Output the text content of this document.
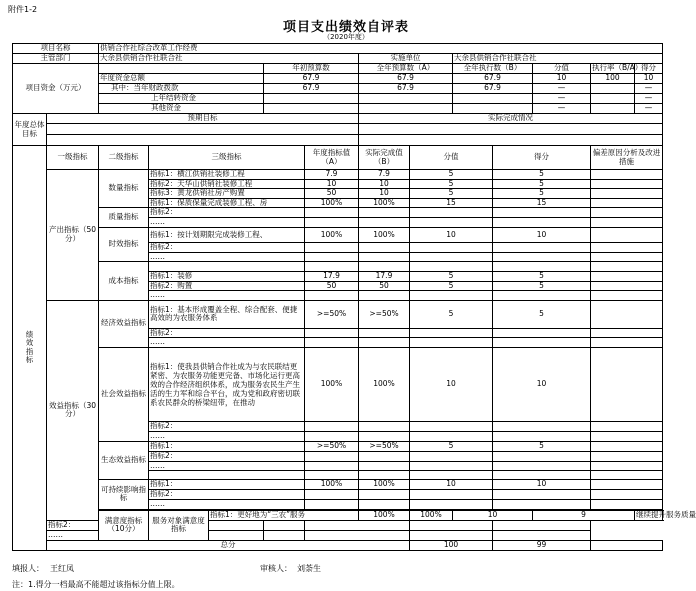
附件1-2
项目支出绩效自评表
（2020年度）
项目名称		供销合作社综合改革工作经费											
主管部门		大余县供销合作社联合社					实施单位		大余县供销合作社联合社				
项目资金（万元）					年初预算数		全年预算数（A）		全年执行数（B）		分值	执行率（B/A）	得分
		年度资金总额			67.9		67.9		67.9		10	100	10
		其中：当年财政拨款			67.9		67.9		67.9		—		—
		上年结转资金									—		—
		其他资金									—		—
年度总体目标	预期目标						实际完成情况						

绩效指标	一级指标	二级指标	三级指标			年度指标值（A）	实际完成值（B）	分值		得分		偏差原因分析及改进措施	
	产出指标（50分）	数量指标	指标1：横江供销社装修工程			7.9	7.9	5		5			
			指标2：天华山供销社装修工程			10	10	5		5			
			指标3：黄龙供销社房产购置			50	10	5		5			
			指标1：保质保量完成装修工程、房			100%	100%	15		15			
		质量指标	指标2：										
			……										
		时效指标	指标1：按计划期限完成装修工程、			100%	100%	10		10			
			指标2：										
			……										
		成本指标											
			指标1：装修			17.9	17.9	5		5			
			指标2：购置			50	50	5		5			
			……										
	效益指标（30分）	经济效益指标	指标1：基本形成覆盖全程、综合配套、便捷高效的为农服务体系			>=50%	>=50%	5		5			
			指标2：										
			……										
		社会效益指标	指标1：使我县供销合作社成为与农民联结更紧密、为农服务功能更完备、市场化运行更高效的合作经济组织体系，成为服务农民生产生活的生力军和综合平台，成为党和政府密切联系农民群众的桥梁纽带，在推动			100%	100%	10		10			
			指标2：										
			……										
		生态效益指标	指标1：			>=50%	>=50%	5		5			
			指标2：										
			……										

		可持续影响指标	指标1：			100%	100%	10		10			
			指标2：										
			……										

		满意度指标（10分）	服务对象满意度指标	指标1：更好地为“三农”服务			100%	100%	10		9		继续提升服务质量
	指标2：												
	……												
	总分							100		99			
填报人： 王红凤	审核人： 刘荼生
注：1.得分一档最高不能超过该指标分值上限。
